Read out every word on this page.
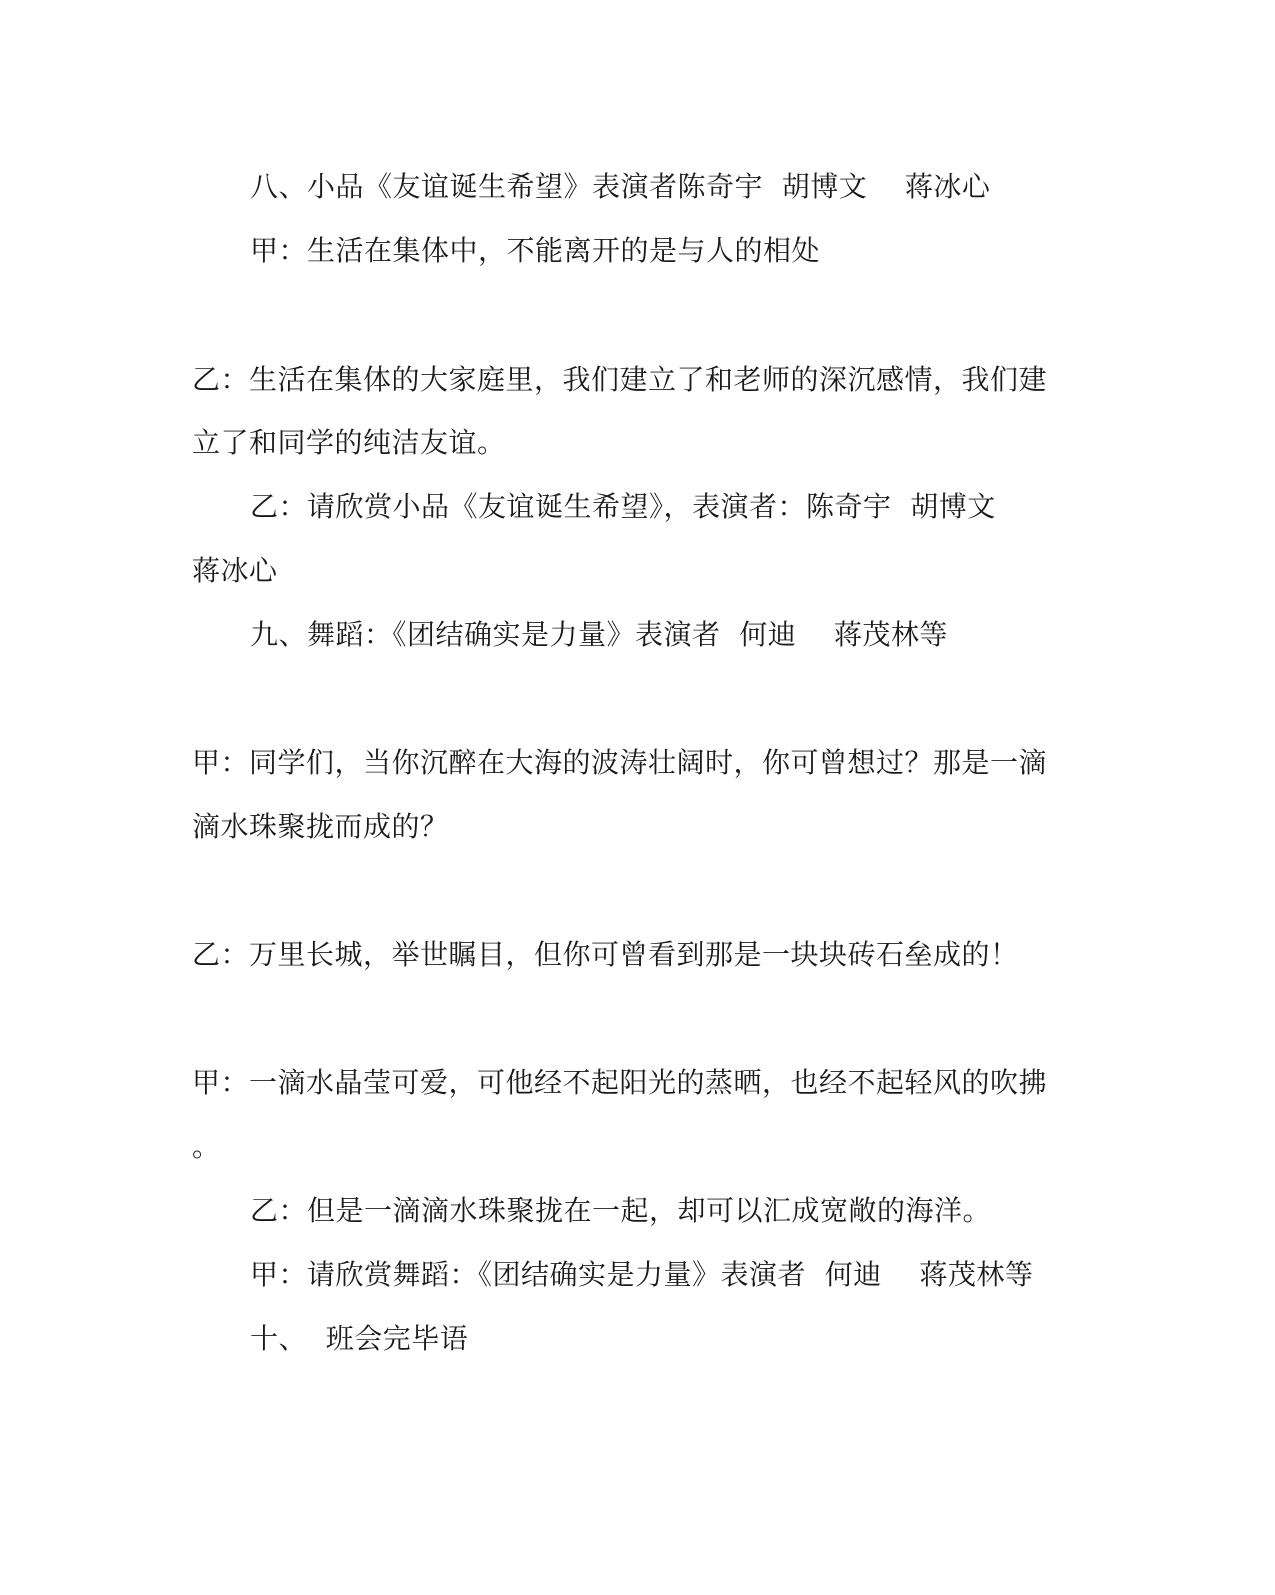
八、小品《友谊诞生希望》表演者陈奇宇  胡博文    蒋冰心
甲：生活在集体中，不能离开的是与人的相处
乙：生活在集体的大家庭里，我们建立了和老师的深沉感情，我们建
立了和同学的纯洁友谊。
乙：请欣赏小品《友谊诞生希望》，表演者：陈奇宇  胡博文
蒋冰心
九、舞蹈：《团结确实是力量》表演者  何迪    蒋茂林等
甲：同学们，当你沉醉在大海的波涛壮阔时，你可曾想过？那是一滴
滴水珠聚拢而成的？
乙：万里长城，举世瞩目，但你可曾看到那是一块块砖石垒成的！
甲：一滴水晶莹可爱，可他经不起阳光的蒸晒，也经不起轻风的吹拂
。
乙：但是一滴滴水珠聚拢在一起，却可以汇成宽敞的海洋。
甲：请欣赏舞蹈：《团结确实是力量》表演者  何迪    蒋茂林等
十、  班会完毕语
